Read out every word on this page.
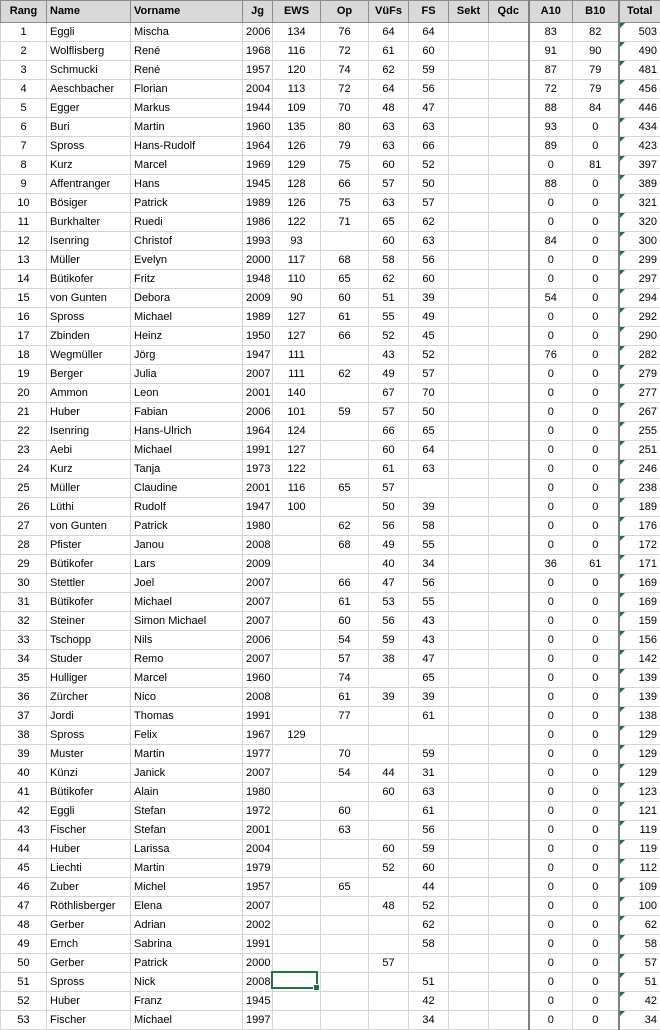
Rang	Name	Vorname	Jg	EWS	Op	VüFs	FS	Sekt	Qdc	A10	B10	Total
1	Eggli	Mischa	2006	134	76	64	64			83	82	503
2	Wolflisberg	René	1968	116	72	61	60			91	90	490
3	Schmucki	René	1957	120	74	62	59			87	79	481
4	Aeschbacher	Florian	2004	113	72	64	56			72	79	456
5	Egger	Markus	1944	109	70	48	47			88	84	446
6	Buri	Martin	1960	135	80	63	63			93	0	434
7	Spross	Hans-Rudolf	1964	126	79	63	66			89	0	423
8	Kurz	Marcel	1969	129	75	60	52			0	81	397
9	Affentranger	Hans	1945	128	66	57	50			88	0	389
10	Bösiger	Patrick	1989	126	75	63	57			0	0	321
11	Burkhalter	Ruedi	1986	122	71	65	62			0	0	320
12	Isenring	Christof	1993	93		60	63			84	0	300
13	Müller	Evelyn	2000	117	68	58	56			0	0	299
14	Bütikofer	Fritz	1948	110	65	62	60			0	0	297
15	von Gunten	Debora	2009	90	60	51	39			54	0	294
16	Spross	Michael	1989	127	61	55	49			0	0	292
17	Zbinden	Heinz	1950	127	66	52	45			0	0	290
18	Wegmüller	Jörg	1947	111		43	52			76	0	282
19	Berger	Julia	2007	111	62	49	57			0	0	279
20	Ammon	Leon	2001	140		67	70			0	0	277
21	Huber	Fabian	2006	101	59	57	50			0	0	267
22	Isenring	Hans-Ulrich	1964	124		66	65			0	0	255
23	Aebi	Michael	1991	127		60	64			0	0	251
24	Kurz	Tanja	1973	122		61	63			0	0	246
25	Müller	Claudine	2001	116	65	57				0	0	238
26	Lüthi	Rudolf	1947	100		50	39			0	0	189
27	von Gunten	Patrick	1980		62	56	58			0	0	176
28	Pfister	Janou	2008		68	49	55			0	0	172
29	Bütikofer	Lars	2009			40	34			36	61	171
30	Stettler	Joel	2007		66	47	56			0	0	169
31	Bütikofer	Michael	2007		61	53	55			0	0	169
32	Steiner	Simon Michael	2007		60	56	43			0	0	159
33	Tschopp	Nils	2006		54	59	43			0	0	156
34	Studer	Remo	2007		57	38	47			0	0	142
35	Hulliger	Marcel	1960		74		65			0	0	139
36	Zürcher	Nico	2008		61	39	39			0	0	139
37	Jordi	Thomas	1991		77		61			0	0	138
38	Spross	Felix	1967	129						0	0	129
39	Muster	Martin	1977		70		59			0	0	129
40	Künzi	Janick	2007		54	44	31			0	0	129
41	Bütikofer	Alain	1980			60	63			0	0	123
42	Eggli	Stefan	1972		60		61			0	0	121
43	Fischer	Stefan	2001		63		56			0	0	119
44	Huber	Larissa	2004			60	59			0	0	119
45	Liechti	Martin	1979			52	60			0	0	112
46	Zuber	Michel	1957		65		44			0	0	109
47	Röthlisberger	Elena	2007			48	52			0	0	100
48	Gerber	Adrian	2002				62			0	0	62
49	Emch	Sabrina	1991				58			0	0	58
50	Gerber	Patrick	2000			57				0	0	57
51	Spross	Nick	2008				51			0	0	51
52	Huber	Franz	1945				42			0	0	42
53	Fischer	Michael	1997				34			0	0	34
